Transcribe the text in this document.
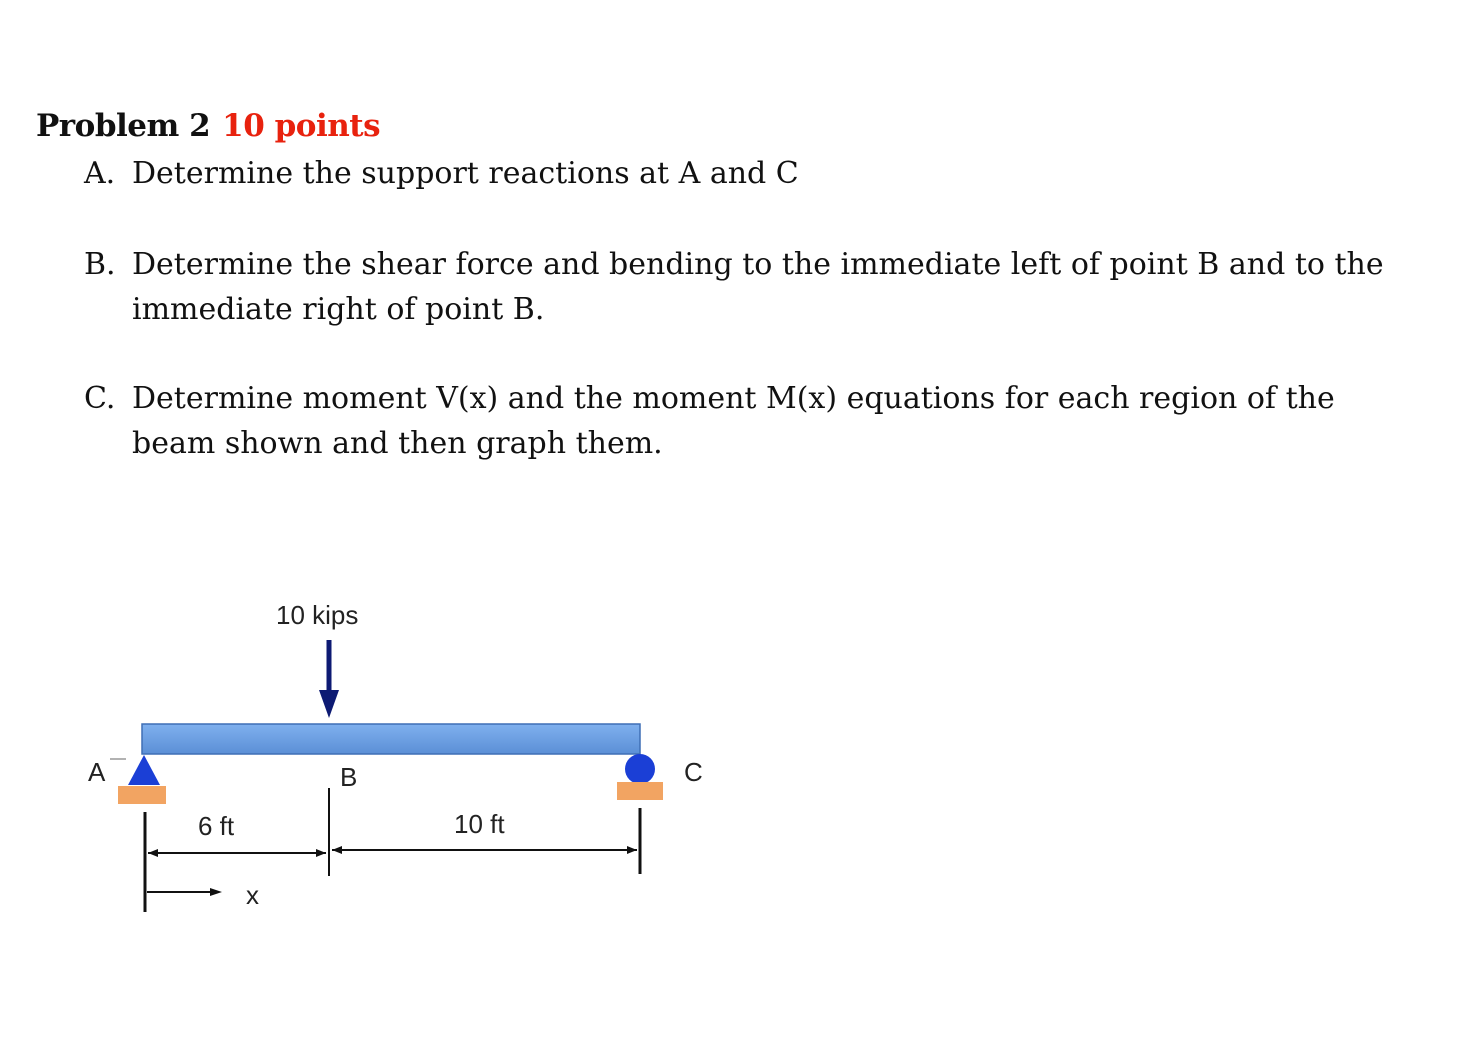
Problem 2 10 points
A. Determine the support reactions at A and C
B. Determine the shear force and bending to the immediate left of point B and to the
immediate right of point B.
C. Determine moment V(x) and the moment M(x) equations for each region of the
beam shown and then graph them.
10 kips
A	C
B
6 ft	10 ft
x
